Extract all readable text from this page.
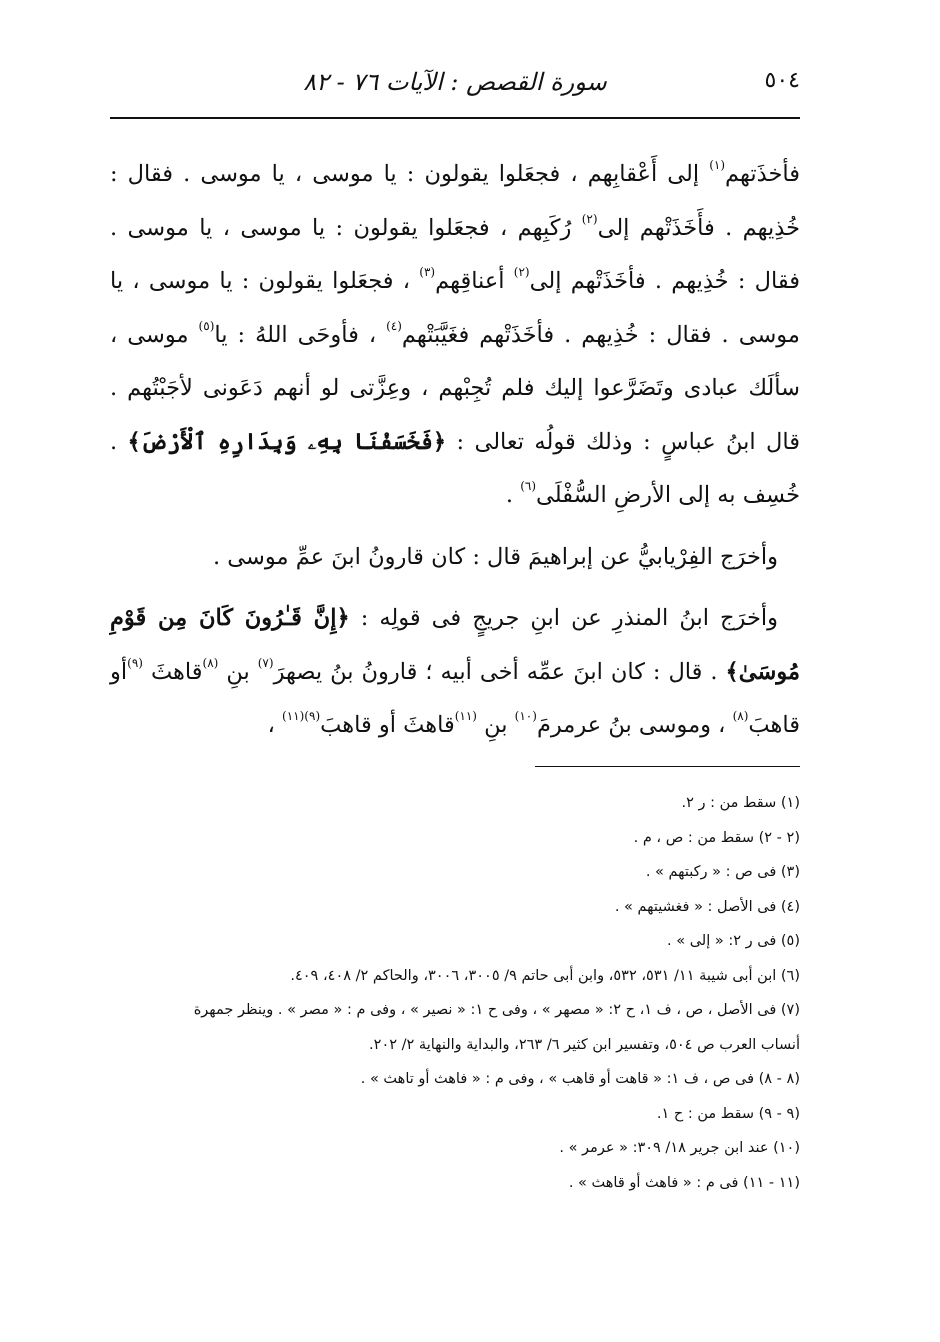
٥٠٤
سورة القصص : الآيات ٧٦ - ٨٢

فأخذَتهم$^{(١)}$ إلى أَعْقابِهم ، فجعَلوا يقولون : يا موسى ، يا موسى . فقال : خُذِيهم . فأَخَذَتْهم إلى$^{(٢)}$ رُكَبِهم ، فجعَلوا يقولون : يا موسى ، يا موسى . فقال : خُذِيهم . فأخَذَتْهم إلى$^{(٢)}$ أعناقِهم$^{(٣)}$ ، فجعَلوا يقولون : يا موسى ، يا موسى . فقال : خُذِيهم . فأخَذَتْهم فغَيَّبَتْهم$^{(٤)}$ ، فأوحَى اللهُ : يا$^{(٥)}$ موسى ، سألَك عبادى وتَضَرَّعوا إليك فلم تُجِبْهم ، وعِزَّتى لو أنهم دَعَونى لأجَبْتُهم . قال ابنُ عباسٍ : وذلك قولُه تعالى : ﴿فَخَسَفْنَا بِهِۦ وَبِدَارِهِ ٱلْأَرْضَ﴾ . خُسِف به إلى الأرضِ السُّفْلَى$^{(٦)}$ .

وأخرَج الفِرْيابيُّ عن إبراهيمَ قال : كان قارونُ ابنَ عمِّ موسى .

وأخرَج ابنُ المنذرِ عن ابنِ جريجٍ فى قولِه : ﴿إِنَّ قَـٰرُونَ كَانَ مِن قَوْمِ مُوسَىٰ﴾ . قال : كان ابنَ عمِّه أخى أبيه ؛ قارونُ بنُ يصهرَ$^{(٧)}$ بنِ $^{(٨)}$قاهثَ $^{(٩)}$أو قاهبَ$^{(٨)}$ ، وموسى بنُ عرمرمَ$^{(١٠)}$ بنِ $^{(١١)}$قاهثَ أو قاهبَ$^{(٩)(١١)}$ ،

(١) سقط من : ر ٢.

(٢ - ٢) سقط من : ص ، م .

(٣) فى ص : « ركبتهم » .

(٤) فى الأصل : « فغشيتهم » .

(٥) فى ر ٢: « إلى » .

(٦) ابن أبى شيبة ١١/ ٥٣١، ٥٣٢، وابن أبى حاتم ٩/ ٣٠٠٥، ٣٠٠٦، والحاكم ٢/ ٤٠٨، ٤٠٩.

(٧) فى الأصل ، ص ، ف ١، ح ٢: « مصهر » ، وفى ح ١: « نصير » ، وفى م : « مصر » . وينظر جمهرة

أنساب العرب ص ٥٠٤، وتفسير ابن كثير ٦/ ٢٦٣، والبداية والنهاية ٢/ ٢٠٢.

(٨ - ٨) فى ص ، ف ١: « قاهت أو قاهب » ، وفى م : « فاهث أو تاهث » .

(٩ - ٩) سقط من : ح ١.

(١٠) عند ابن جرير ١٨/ ٣٠٩: « عرمر » .

(١١ - ١١) فى م : « فاهث أو قاهث » .
